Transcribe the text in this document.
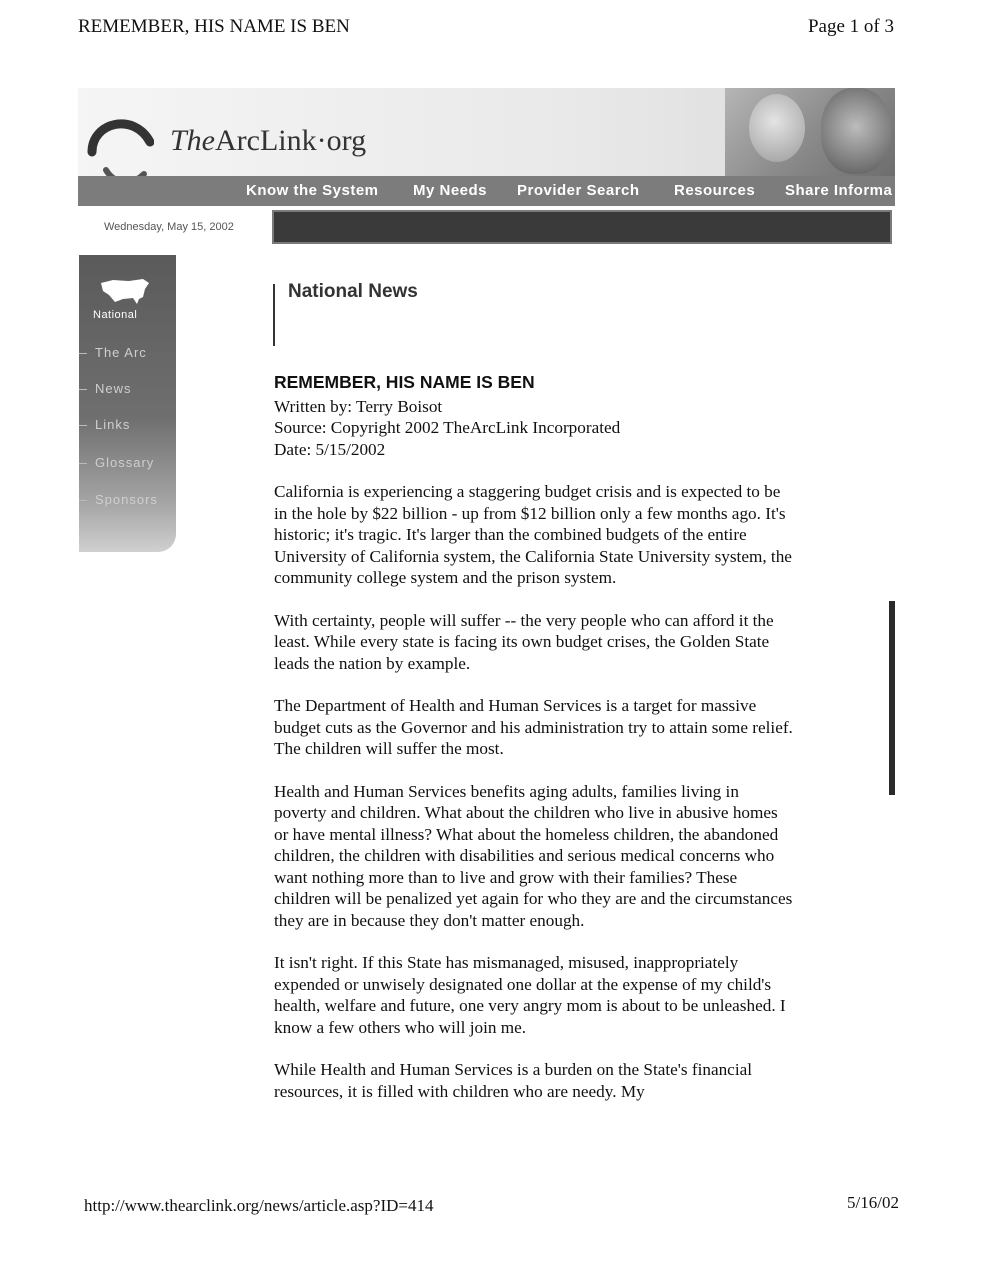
REMEMBER, HIS NAME IS BEN	Page 1 of 3
TheArcLink·org
Know the System My Needs Provider Search Resources Share Informa
Wednesday, May 15, 2002
National
The Arc
News
Links
Glossary
Sponsors
National News
REMEMBER, HIS NAME IS BEN

Written by: Terry Boisot

Source: Copyright 2002 TheArcLink Incorporated

Date: 5/15/2002

California is experiencing a staggering budget crisis and is expected to be in the hole by $22 billion - up from $12 billion only a few months ago. It's historic; it's tragic. It's larger than the combined budgets of the entire University of California system, the California State University system, the community college system and the prison system.

With certainty, people will suffer -- the very people who can afford it the least. While every state is facing its own budget crises, the Golden State leads the nation by example.

The Department of Health and Human Services is a target for massive budget cuts as the Governor and his administration try to attain some relief. The children will suffer the most.

Health and Human Services benefits aging adults, families living in poverty and children. What about the children who live in abusive homes or have mental illness? What about the homeless children, the abandoned children, the children with disabilities and serious medical concerns who want nothing more than to live and grow with their families? These children will be penalized yet again for who they are and the circumstances they are in because they don't matter enough.

It isn't right. If this State has mismanaged, misused, inappropriately expended or unwisely designated one dollar at the expense of my child's health, welfare and future, one very angry mom is about to be unleashed. I know a few others who will join me.

While Health and Human Services is a burden on the State's financial resources, it is filled with children who are needy. My

http://www.thearclink.org/news/article.asp?ID=414	5/16/02
